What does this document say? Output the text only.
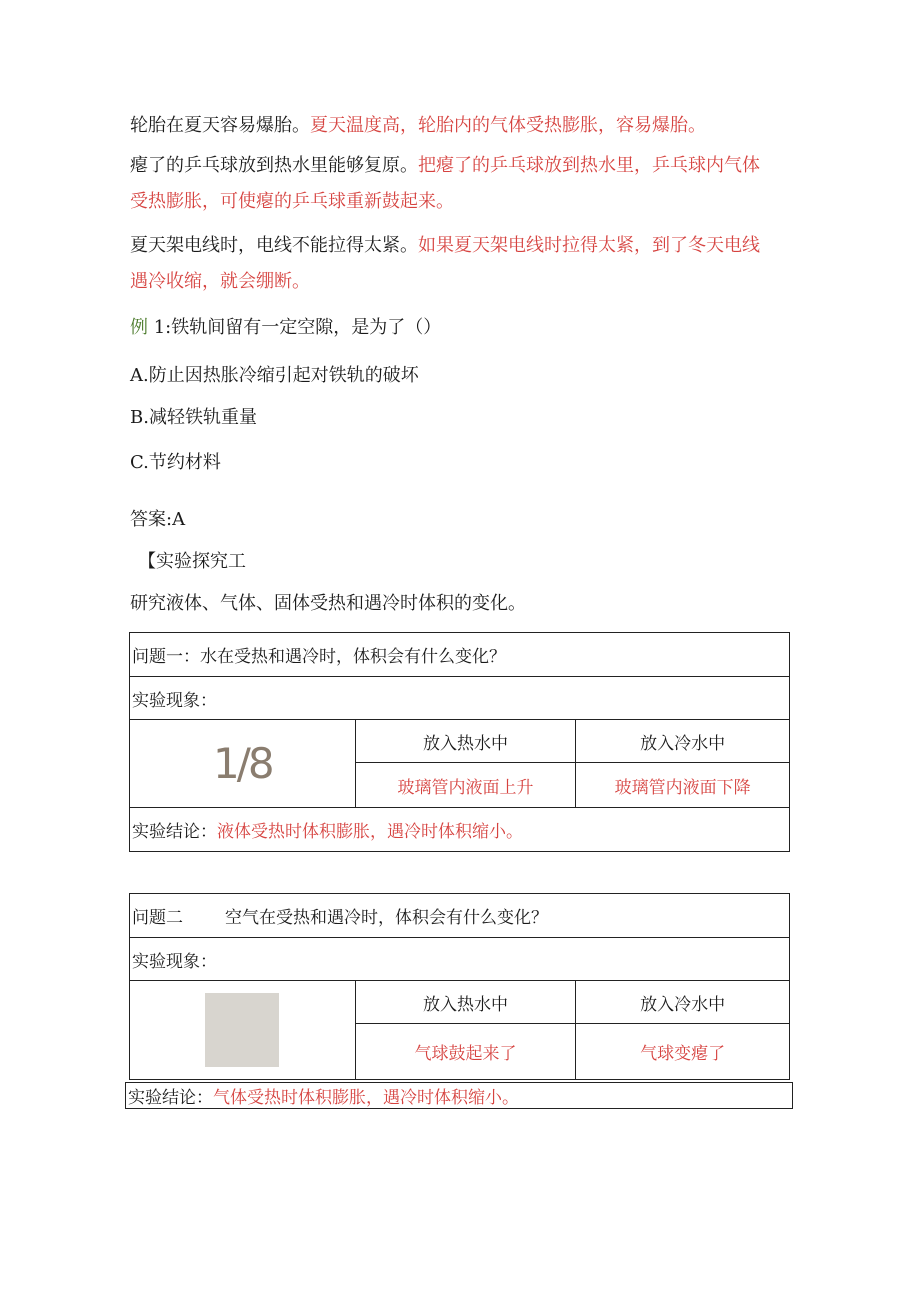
轮胎在夏天容易爆胎。夏天温度高，轮胎内的气体受热膨胀，容易爆胎。
瘪了的乒乓球放到热水里能够复原。把瘪了的乒乓球放到热水里，乒乓球内气体
受热膨胀，可使瘪的乒乓球重新鼓起来。
夏天架电线时，电线不能拉得太紧。如果夏天架电线时拉得太紧，到了冬天电线
遇冷收缩，就会绷断。
例 1:铁轨间留有一定空隙，是为了（）
A.防止因热胀冷缩引起对铁轨的破坏
B.减轻铁轨重量
C.节约材料
答案:A
【实验探究工
研究液体、气体、固体受热和遇冷时体积的变化。
问题一：水在受热和遇冷时，体积会有什么变化？		
实验现象：		
1/8	放入热水中	放入冷水中
	玻璃管内液面上升	玻璃管内液面下降
实验结论：液体受热时体积膨胀，遇冷时体积缩小。		
问题二 空气在受热和遇冷时，体积会有什么变化？		
实验现象：		

	放入热水中	放入冷水中
	气球鼓起来了	气球变瘪了
实验结论：气体受热时体积膨胀，遇冷时体积缩小。
